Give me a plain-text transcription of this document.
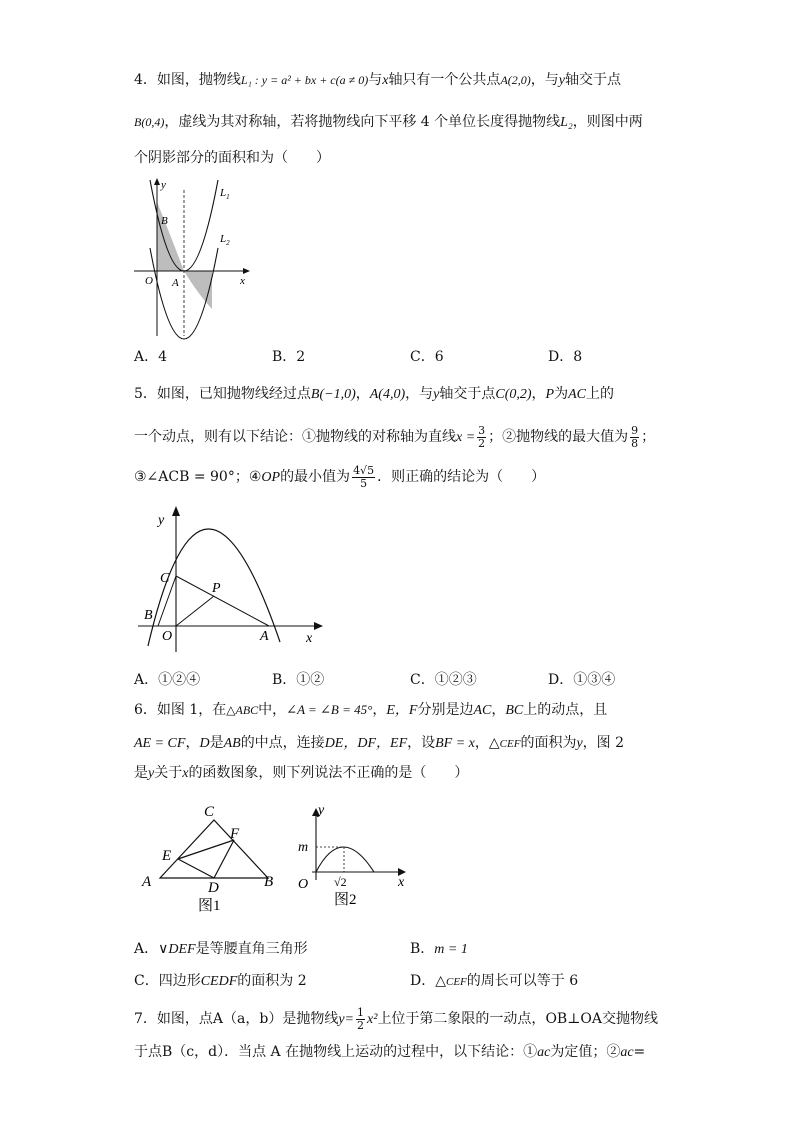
4．如图，抛物线L₁ : y = a² + bx + c(a ≠ 0)与x轴只有一个公共点A(2,0)，与y轴交于点
B(0,4)，虚线为其对称轴，若将抛物线向下平移 4 个单位长度得抛物线L₂，则图中两
个阴影部分的面积和为（　　）
y
B
O A	x
$L_1$
$L_2$
A．4	B．2	C．6	D．8
5．如图，已知抛物线经过点B(−1,0)，A(4,0)，与y轴交于点C(0,2)，P为AC上的
一个动点，则有以下结论：①抛物线的对称轴为直线$x = \frac{3}{2}$ ；②抛物线的最大值为 $\frac{9}{8}$ ；
③∠ACB = 90°；④OP的最小值为 $\frac{4√5}{5}$ ．则正确的结论为（　　）
y
C
P
B
O	A	x
A．①②④	B．①②	C．①②③	D．①③④
6．如图 1，在△ABC中，∠A = ∠B = 45°，E，F分别是边AC，BC上的动点，且
AE = CF，D是AB的中点，连接DE，DF，EF，设BF = x，△CEF的面积为y，图 2
是y关于x的函数图象，则下列说法不正确的是（　　）
C
F
E
A	D	B
图1
y
m
O √2	x
图2
A．∨DEF是等腰直角三角形	B．m = 1
C．四边形CEDF的面积为 2	D．△CEF的周长可以等于 6
7．如图，点A（a，b）是抛物线$y= \frac{1}{2} x^2$上位于第二象限的一动点，OB⊥OA交抛物线
于点B（c，d）．当点 A 在抛物线上运动的过程中，以下结论：①ac为定值；②ac=
